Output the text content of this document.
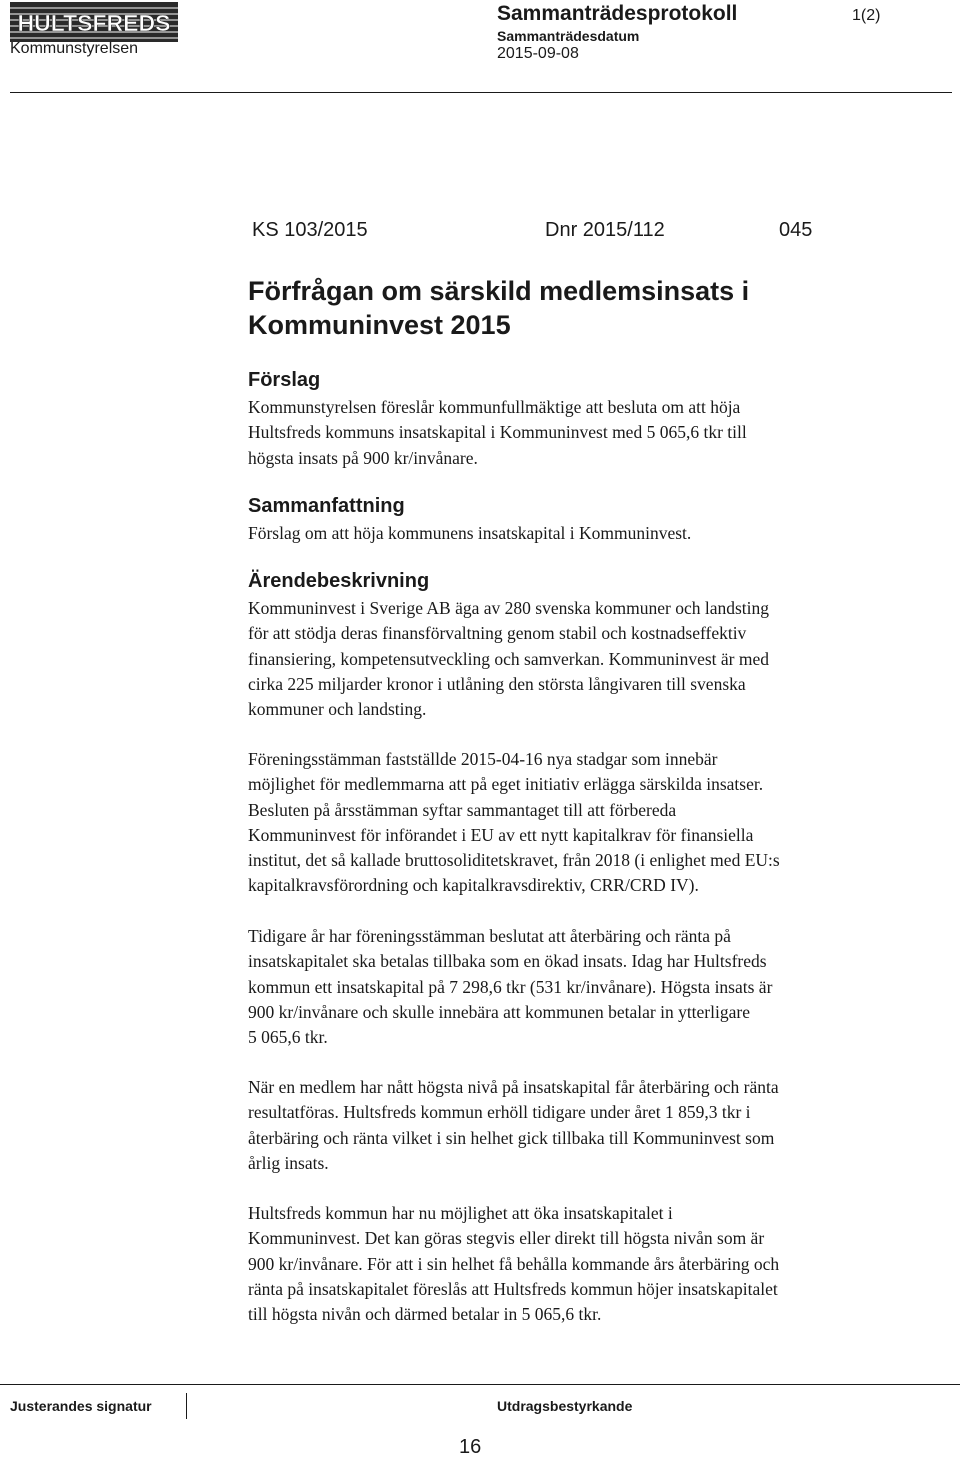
HULTSFREDS	Sammanträdesprotokoll
Sammanträdesdatum
2015-09-08
1(2)
Kommunstyrelsen
KS 103/2015	Dnr 2015/112	045
Förfrågan om särskild medlemsinsats i Kommuninvest 2015
Förslag
Kommunstyrelsen föreslår kommunfullmäktige att besluta om att höja
Hultsfreds kommuns insatskapital i Kommuninvest med 5 065,6 tkr till
högsta insats på 900 kr/invånare.
Sammanfattning
Förslag om att höja kommunens insatskapital i Kommuninvest.
Ärendebeskrivning
Kommuninvest i Sverige AB äga av 280 svenska kommuner och landsting
för att stödja deras finansförvaltning genom stabil och kostnadseffektiv
finansiering, kompetensutveckling och samverkan. Kommuninvest är med
cirka 225 miljarder kronor i utlåning den största långivaren till svenska
kommuner och landsting.
Föreningsstämman fastställde 2015-04-16 nya stadgar som innebär
möjlighet för medlemmarna att på eget initiativ erlägga särskilda insatser.
Besluten på årsstämman syftar sammantaget till att förbereda
Kommuninvest för införandet i EU av ett nytt kapitalkrav för finansiella
institut, det så kallade bruttosoliditetskravet, från 2018 (i enlighet med EU:s
kapitalkravsförordning och kapitalkravsdirektiv, CRR/CRD IV).
Tidigare år har föreningsstämman beslutat att återbäring och ränta på
insatskapitalet ska betalas tillbaka som en ökad insats. Idag har Hultsfreds
kommun ett insatskapital på 7 298,6 tkr (531 kr/invånare). Högsta insats är
900 kr/invånare och skulle innebära att kommunen betalar in ytterligare
5 065,6 tkr.
När en medlem har nått högsta nivå på insatskapital får återbäring och ränta
resultatföras. Hultsfreds kommun erhöll tidigare under året 1 859,3 tkr i
återbäring och ränta vilket i sin helhet gick tillbaka till Kommuninvest som
årlig insats.
Hultsfreds kommun har nu möjlighet att öka insatskapitalet i
Kommuninvest. Det kan göras stegvis eller direkt till högsta nivån som är
900 kr/invånare. För att i sin helhet få behålla kommande års återbäring och
ränta på insatskapitalet föreslås att Hultsfreds kommun höjer insatskapitalet
till högsta nivån och därmed betalar in 5 065,6 tkr.
Justerandes signatur	Utdragsbestyrkande
16
